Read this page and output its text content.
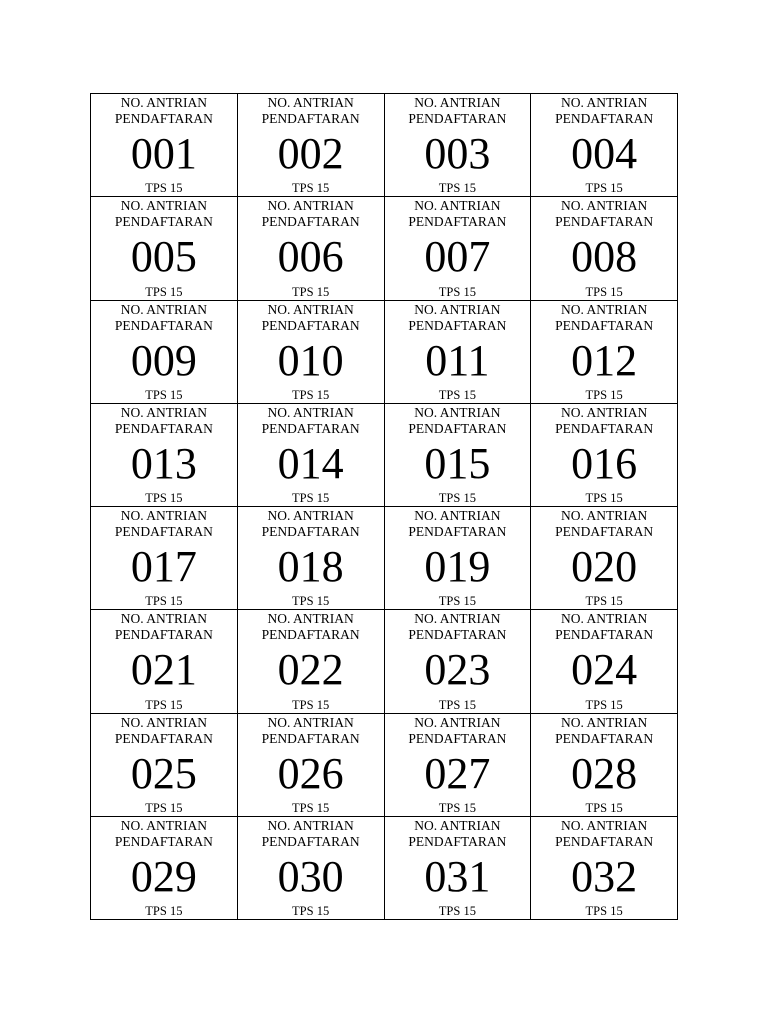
NO. ANTRIAN
PENDAFTARAN
001
TPS 15
NO. ANTRIAN
PENDAFTARAN
002
TPS 15
NO. ANTRIAN
PENDAFTARAN
003
TPS 15
NO. ANTRIAN
PENDAFTARAN
004
TPS 15
NO. ANTRIAN
PENDAFTARAN
005
TPS 15
NO. ANTRIAN
PENDAFTARAN
006
TPS 15
NO. ANTRIAN
PENDAFTARAN
007
TPS 15
NO. ANTRIAN
PENDAFTARAN
008
TPS 15
NO. ANTRIAN
PENDAFTARAN
009
TPS 15
NO. ANTRIAN
PENDAFTARAN
010
TPS 15
NO. ANTRIAN
PENDAFTARAN
011
TPS 15
NO. ANTRIAN
PENDAFTARAN
012
TPS 15
NO. ANTRIAN
PENDAFTARAN
013
TPS 15
NO. ANTRIAN
PENDAFTARAN
014
TPS 15
NO. ANTRIAN
PENDAFTARAN
015
TPS 15
NO. ANTRIAN
PENDAFTARAN
016
TPS 15
NO. ANTRIAN
PENDAFTARAN
017
TPS 15
NO. ANTRIAN
PENDAFTARAN
018
TPS 15
NO. ANTRIAN
PENDAFTARAN
019
TPS 15
NO. ANTRIAN
PENDAFTARAN
020
TPS 15
NO. ANTRIAN
PENDAFTARAN
021
TPS 15
NO. ANTRIAN
PENDAFTARAN
022
TPS 15
NO. ANTRIAN
PENDAFTARAN
023
TPS 15
NO. ANTRIAN
PENDAFTARAN
024
TPS 15
NO. ANTRIAN
PENDAFTARAN
025
TPS 15
NO. ANTRIAN
PENDAFTARAN
026
TPS 15
NO. ANTRIAN
PENDAFTARAN
027
TPS 15
NO. ANTRIAN
PENDAFTARAN
028
TPS 15
NO. ANTRIAN
PENDAFTARAN
029
TPS 15
NO. ANTRIAN
PENDAFTARAN
030
TPS 15
NO. ANTRIAN
PENDAFTARAN
031
TPS 15
NO. ANTRIAN
PENDAFTARAN
032
TPS 15
